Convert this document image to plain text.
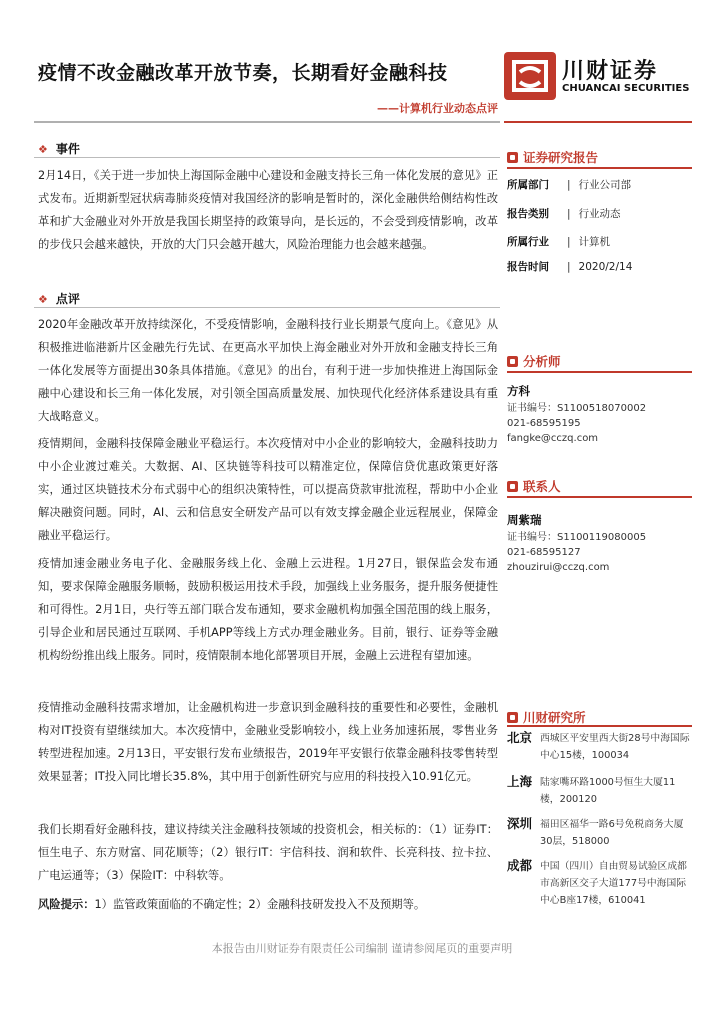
疫情不改金融改革开放节奏，长期看好金融科技
——计算机行业动态点评
川财证券
CHUANCAI SECURITIES
❖ 事件
2月14日，《关于进一步加快上海国际金融中心建设和金融支持长三角一体化发展的意见》正式发布。近期新型冠状病毒肺炎疫情对我国经济的影响是暂时的，深化金融供给侧结构性改革和扩大金融业对外开放是我国长期坚持的政策导向，是长远的，不会受到疫情影响，改革的步伐只会越来越快，开放的大门只会越开越大，风险治理能力也会越来越强。
❖ 点评
2020年金融改革开放持续深化，不受疫情影响，金融科技行业长期景气度向上。《意见》从积极推进临港新片区金融先行先试、在更高水平加快上海金融业对外开放和金融支持长三角一体化发展等方面提出30条具体措施。《意见》的出台，有利于进一步加快推进上海国际金融中心建设和长三角一体化发展，对引领全国高质量发展、加快现代化经济体系建设具有重大战略意义。
疫情期间，金融科技保障金融业平稳运行。本次疫情对中小企业的影响较大，金融科技助力中小企业渡过难关。大数据、AI、区块链等科技可以精准定位，保障信贷优惠政策更好落实，通过区块链技术分布式弱中心的组织决策特性，可以提高贷款审批流程，帮助中小企业解决融资问题。同时，AI、云和信息安全研发产品可以有效支撑金融企业远程展业，保障金融业平稳运行。
疫情加速金融业务电子化、金融服务线上化、金融上云进程。1月27日，银保监会发布通知，要求保障金融服务顺畅，鼓励积极运用技术手段，加强线上业务服务，提升服务便捷性和可得性。2月1日，央行等五部门联合发布通知，要求金融机构加强全国范围的线上服务，引导企业和居民通过互联网、手机APP等线上方式办理金融业务。目前，银行、证券等金融机构纷纷推出线上服务。同时，疫情限制本地化部署项目开展，金融上云进程有望加速。
疫情推动金融科技需求增加，让金融机构进一步意识到金融科技的重要性和必要性，金融机构对IT投资有望继续加大。本次疫情中，金融业受影响较小，线上业务加速拓展，零售业务转型进程加速。2月13日，平安银行发布业绩报告，2019年平安银行依靠金融科技零售转型效果显著；IT投入同比增长35.8%，其中用于创新性研究与应用的科技投入10.91亿元。
我们长期看好金融科技，建议持续关注金融科技领域的投资机会，相关标的：（1）证券IT：恒生电子、东方财富、同花顺等；（2）银行IT：宇信科技、润和软件、长亮科技、拉卡拉、广电运通等；（3）保险IT：中科软等。
风险提示：1）监管政策面临的不确定性；2）金融科技研发投入不及预期等。
证券研究报告
所属部门 | 行业公司部
报告类别 | 行业动态
所属行业 | 计算机
报告时间 | 2020/2/14
分析师
方科
证书编号：S1100518070002
021-68595195
fangke@cczq.com
联系人
周紫瑞
证书编号：S1100119080005
021-68595127
zhouzirui@cczq.com
川财研究所
北京 西城区平安里西大街28号中海国际中心15楼，100034
上海 陆家嘴环路1000号恒生大厦11楼，200120
深圳 福田区福华一路6号免税商务大厦30层，518000
成都 中国（四川）自由贸易试验区成都市高新区交子大道177号中海国际中心B座17楼，610041
本报告由川财证券有限责任公司编制 谨请参阅尾页的重要声明
